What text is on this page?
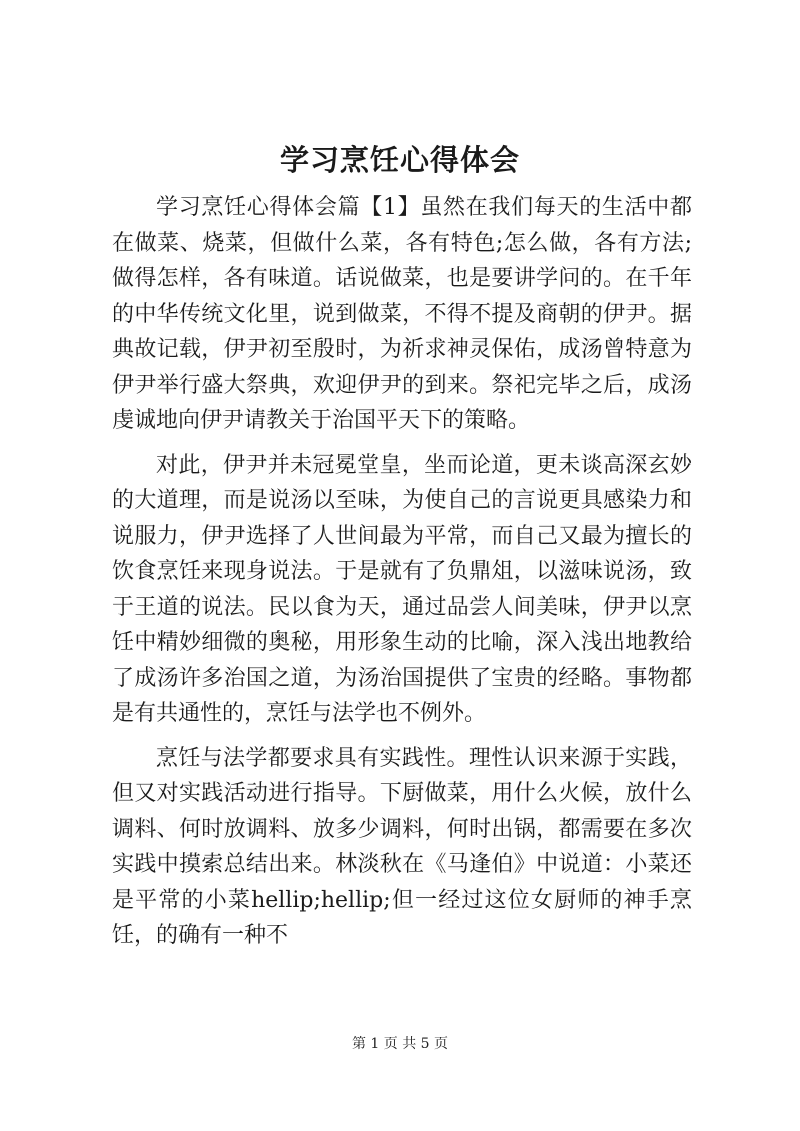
学习烹饪心得体会

学习烹饪心得体会篇【1】虽然在我们每天的生活中都在做菜、烧菜，但做什么菜，各有特色;怎么做，各有方法;做得怎样，各有味道。话说做菜，也是要讲学问的。在千年的中华传统文化里，说到做菜，不得不提及商朝的伊尹。据典故记载，伊尹初至殷时，为祈求神灵保佑，成汤曾特意为伊尹举行盛大祭典，欢迎伊尹的到来。祭祀完毕之后，成汤虔诚地向伊尹请教关于治国平天下的策略。

对此，伊尹并未冠冕堂皇，坐而论道，更未谈高深玄妙的大道理，而是说汤以至味，为使自己的言说更具感染力和说服力，伊尹选择了人世间最为平常，而自己又最为擅长的饮食烹饪来现身说法。于是就有了负鼎俎，以滋味说汤，致于王道的说法。民以食为天，通过品尝人间美味，伊尹以烹饪中精妙细微的奥秘，用形象生动的比喻，深入浅出地教给了成汤许多治国之道，为汤治国提供了宝贵的经略。事物都是有共通性的，烹饪与法学也不例外。

烹饪与法学都要求具有实践性。理性认识来源于实践，但又对实践活动进行指导。下厨做菜，用什么火候，放什么调料、何时放调料、放多少调料，何时出锅，都需要在多次实践中摸索总结出来。林淡秋在《马逢伯》中说道：小菜还是平常的小菜hellip;hellip;但一经过这位女厨师的神手烹饪，的确有一种不

第 1 页 共 5 页
